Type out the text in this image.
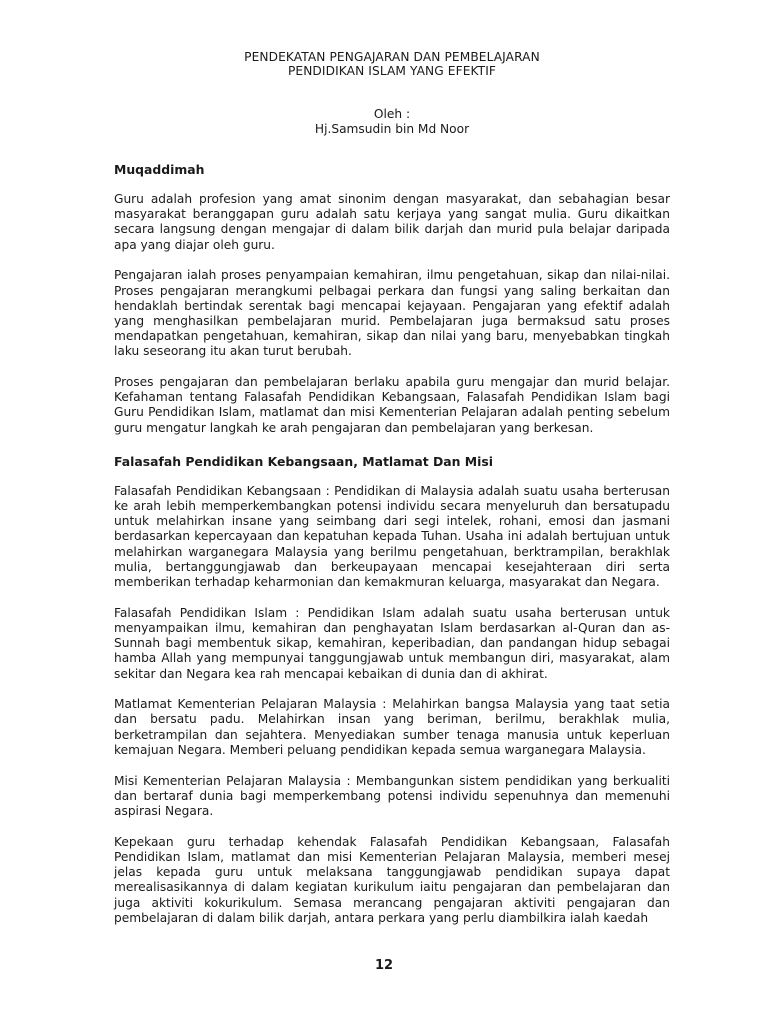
PENDEKATAN PENGAJARAN DAN PEMBELAJARAN

PENDIDIKAN ISLAM YANG EFEKTIF

Oleh :
Hj.Samsudin bin Md Noor

Muqaddimah

Guru adalah profesion yang amat sinonim dengan masyarakat, dan sebahagian besar masyarakat beranggapan guru adalah satu kerjaya yang sangat mulia. Guru dikaitkan secara langsung dengan mengajar di dalam bilik darjah dan murid pula belajar daripada apa yang diajar oleh guru.

Pengajaran ialah proses penyampaian kemahiran, ilmu pengetahuan, sikap dan nilai-nilai. Proses pengajaran merangkumi pelbagai perkara dan fungsi yang saling berkaitan dan hendaklah bertindak serentak bagi mencapai kejayaan. Pengajaran yang efektif adalah yang menghasilkan pembelajaran murid. Pembelajaran juga bermaksud satu proses mendapatkan pengetahuan, kemahiran, sikap dan nilai yang baru, menyebabkan tingkah laku seseorang itu akan turut berubah.

Proses pengajaran dan pembelajaran berlaku apabila guru mengajar dan murid belajar. Kefahaman tentang Falasafah Pendidikan Kebangsaan, Falasafah Pendidikan Islam bagi Guru Pendidikan Islam, matlamat dan misi Kementerian Pelajaran adalah penting sebelum guru mengatur langkah ke arah pengajaran dan pembelajaran yang berkesan.

Falasafah Pendidikan Kebangsaan, Matlamat Dan Misi

Falasafah Pendidikan Kebangsaan : Pendidikan di Malaysia adalah suatu usaha berterusan ke arah lebih memperkembangkan potensi individu secara menyeluruh dan bersatupadu untuk melahirkan insane yang seimbang dari segi intelek, rohani, emosi dan jasmani berdasarkan kepercayaan dan kepatuhan kepada Tuhan. Usaha ini adalah bertujuan untuk melahirkan warganegara Malaysia yang berilmu pengetahuan, berktrampilan, berakhlak mulia, bertanggungjawab dan berkeupayaan mencapai kesejahteraan diri serta memberikan terhadap keharmonian dan kemakmuran keluarga, masyarakat dan Negara.

Falasafah Pendidikan Islam : Pendidikan Islam adalah suatu usaha berterusan untuk menyampaikan ilmu, kemahiran dan penghayatan Islam berdasarkan al-Quran dan as-Sunnah bagi membentuk sikap, kemahiran, keperibadian, dan pandangan hidup sebagai hamba Allah yang mempunyai tanggungjawab untuk membangun diri, masyarakat, alam sekitar dan Negara kea rah mencapai kebaikan di dunia dan di akhirat.

Matlamat Kementerian Pelajaran Malaysia : Melahirkan bangsa Malaysia yang taat setia dan bersatu padu. Melahirkan insan yang beriman, berilmu, berakhlak mulia, berketrampilan dan sejahtera. Menyediakan sumber tenaga manusia untuk keperluan kemajuan Negara. Memberi peluang pendidikan kepada semua warganegara Malaysia.

Misi Kementerian Pelajaran Malaysia : Membangunkan sistem pendidikan yang berkualiti dan bertaraf dunia bagi memperkembang potensi individu sepenuhnya dan memenuhi aspirasi Negara.

Kepekaan guru terhadap kehendak Falasafah Pendidikan Kebangsaan, Falasafah Pendidikan Islam, matlamat dan misi Kementerian Pelajaran Malaysia, memberi mesej jelas kepada guru untuk melaksana tanggungjawab pendidikan supaya dapat merealisasikannya di dalam kegiatan kurikulum iaitu pengajaran dan pembelajaran dan juga aktiviti kokurikulum. Semasa merancang pengajaran aktiviti pengajaran dan pembelajaran di dalam bilik darjah, antara perkara yang perlu diambilkira ialah kaedah

12
